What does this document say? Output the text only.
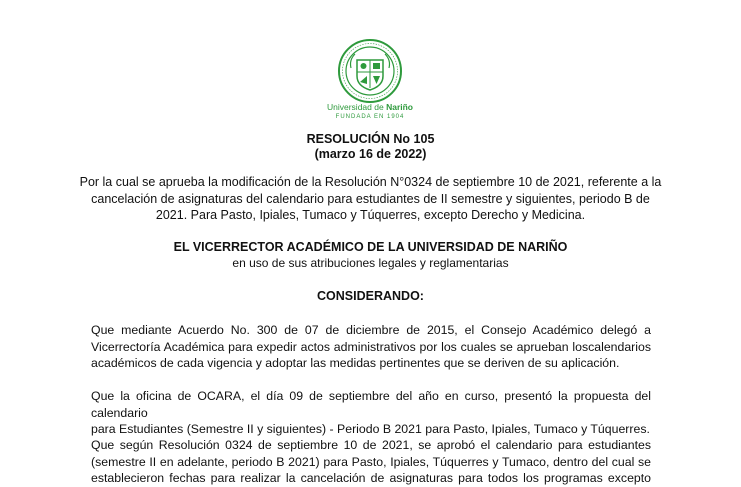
Universidad de Nariño
FUNDADA EN 1904
RESOLUCIÓN No 105
(marzo 16 de 2022)
Por la cual se aprueba la modificación de la Resolución N°0324 de septiembre 10 de 2021, referente a la
cancelación de asignaturas del calendario para estudiantes de II semestre y siguientes, periodo B de
2021. Para Pasto, Ipiales, Tumaco y Túquerres, excepto Derecho y Medicina.
EL VICERRECTOR ACADÉMICO DE LA UNIVERSIDAD DE NARIÑO
en uso de sus atribuciones legales y reglamentarias
CONSIDERANDO:
Que mediante Acuerdo No. 300 de 07 de diciembre de 2015, el Consejo Académico delegó a
Vicerrectoría Académica para expedir actos administrativos por los cuales se aprueban loscalendarios
académicos de cada vigencia y adoptar las medidas pertinentes que se deriven de su aplicación.
Que la oficina de OCARA, el día 09 de septiembre del año en curso, presentó la propuesta del calendario
para Estudiantes (Semestre II y siguientes) - Periodo B 2021 para Pasto, Ipiales, Tumaco y Túquerres.
Que según Resolución 0324 de septiembre 10 de 2021, se aprobó el calendario para estudiantes
(semestre II en adelante, periodo B 2021) para Pasto, Ipiales, Túquerres y Tumaco, dentro del cual se
establecieron fechas para realizar la cancelación de asignaturas para todos los programas excepto
